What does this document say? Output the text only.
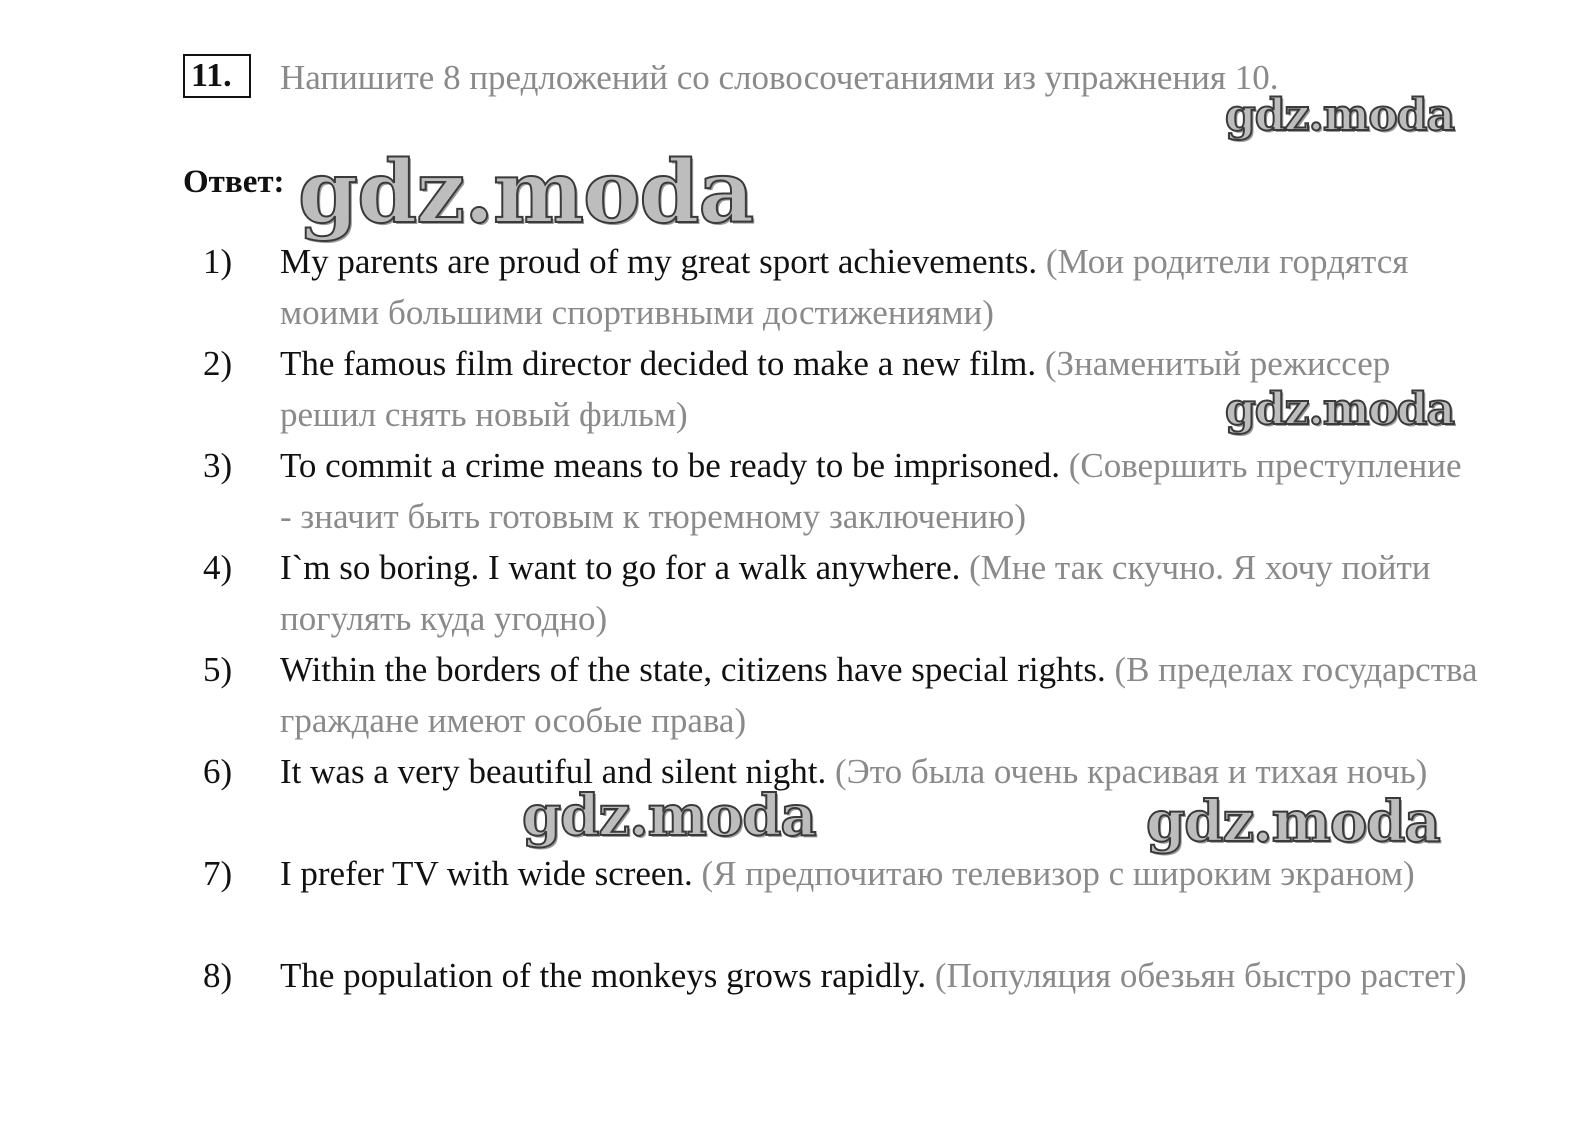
11.	Напишите 8 предложений со словосочетаниями из упражнения 10.
Ответ:
1) My parents are proud of my great sport achievements. (Мои родители гордятся моими большими спортивными достижениями)
2) The famous film director decided to make a new film. (Знаменитый режиссер решил снять новый фильм)
3) To commit a crime means to be ready to be imprisoned. (Совершить преступление - значит быть готовым к тюремному заключению)
4) I`m so boring. I want to go for a walk anywhere. (Мне так скучно. Я хочу пойти погулять куда угодно)
5) Within the borders of the state, citizens have special rights. (В пределах государства граждане имеют особые права)
6) It was a very beautiful and silent night. (Это была очень красивая и тихая ночь)
7) I prefer TV with wide screen. (Я предпочитаю телевизор с широким экраном)
8) The population of the monkeys grows rapidly. (Популяция обезьян быстро растет)
gdz.moda
gdz.moda
gdz.moda
gdz.moda	gdz.moda
